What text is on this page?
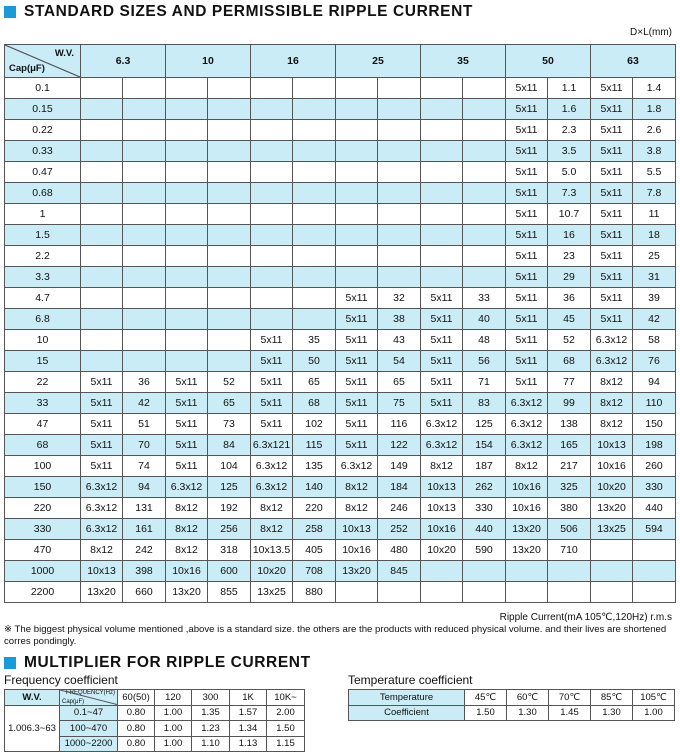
STANDARD SIZES AND PERMISSIBLE RIPPLE CURRENT
D×L(mm)
W.V.
Cap(μF)	6.3		10		16		25		35		50		63	
0.1											5x11	1.1	5x11	1.4
0.15											5x11	1.6	5x11	1.8
0.22											5x11	2.3	5x11	2.6
0.33											5x11	3.5	5x11	3.8
0.47											5x11	5.0	5x11	5.5
0.68											5x11	7.3	5x11	7.8
1											5x11	10.7	5x11	11
1.5											5x11	16	5x11	18
2.2											5x11	23	5x11	25
3.3											5x11	29	5x11	31
4.7							5x11	32	5x11	33	5x11	36	5x11	39
6.8							5x11	38	5x11	40	5x11	45	5x11	42
10					5x11	35	5x11	43	5x11	48	5x11	52	6.3x12	58
15					5x11	50	5x11	54	5x11	56	5x11	68	6.3x12	76
22	5x11	36	5x11	52	5x11	65	5x11	65	5x11	71	5x11	77	8x12	94
33	5x11	42	5x11	65	5x11	68	5x11	75	5x11	83	6.3x12	99	8x12	110
47	5x11	51	5x11	73	5x11	102	5x11	116	6.3x12	125	6.3x12	138	8x12	150
68	5x11	70	5x11	84	6.3x121	115	5x11	122	6.3x12	154	6.3x12	165	10x13	198
100	5x11	74	5x11	104	6.3x12	135	6.3x12	149	8x12	187	8x12	217	10x16	260
150	6.3x12	94	6.3x12	125	6.3x12	140	8x12	184	10x13	262	10x16	325	10x20	330
220	6.3x12	131	8x12	192	8x12	220	8x12	246	10x13	330	10x16	380	13x20	440
330	6.3x12	161	8x12	256	8x12	258	10x13	252	10x16	440	13x20	506	13x25	594
470	8x12	242	8x12	318	10x13.5	405	10x16	480	10x20	590	13x20	710		
1000	10x13	398	10x16	600	10x20	708	13x20	845						
2200	13x20	660	13x20	855	13x25	880								
Ripple Current(mA 105℃,120Hz) r.m.s
※ The biggest physical volume mentioned ,above is a standard size. the others are the products with reduced physical volume. and their lives are shortened corres pondingly.
MULTIPLIER FOR RIPPLE CURRENT
Frequency coefficient	Temperature coefficient
W.V.	FREQUENCY(Hz)
Cap(μF)	60(50)	120	300	1K	10K~
1.006.3~63	0.1~47	0.80	1.00	1.35	1.57	2.00
	100~470	0.80	1.00	1.23	1.34	1.50
	1000~2200	0.80	1.00	1.10	1.13	1.15
Temperature	45℃	60℃	70℃	85℃	105℃
Coefficient	1.50	1.30	1.45	1.30	1.00
